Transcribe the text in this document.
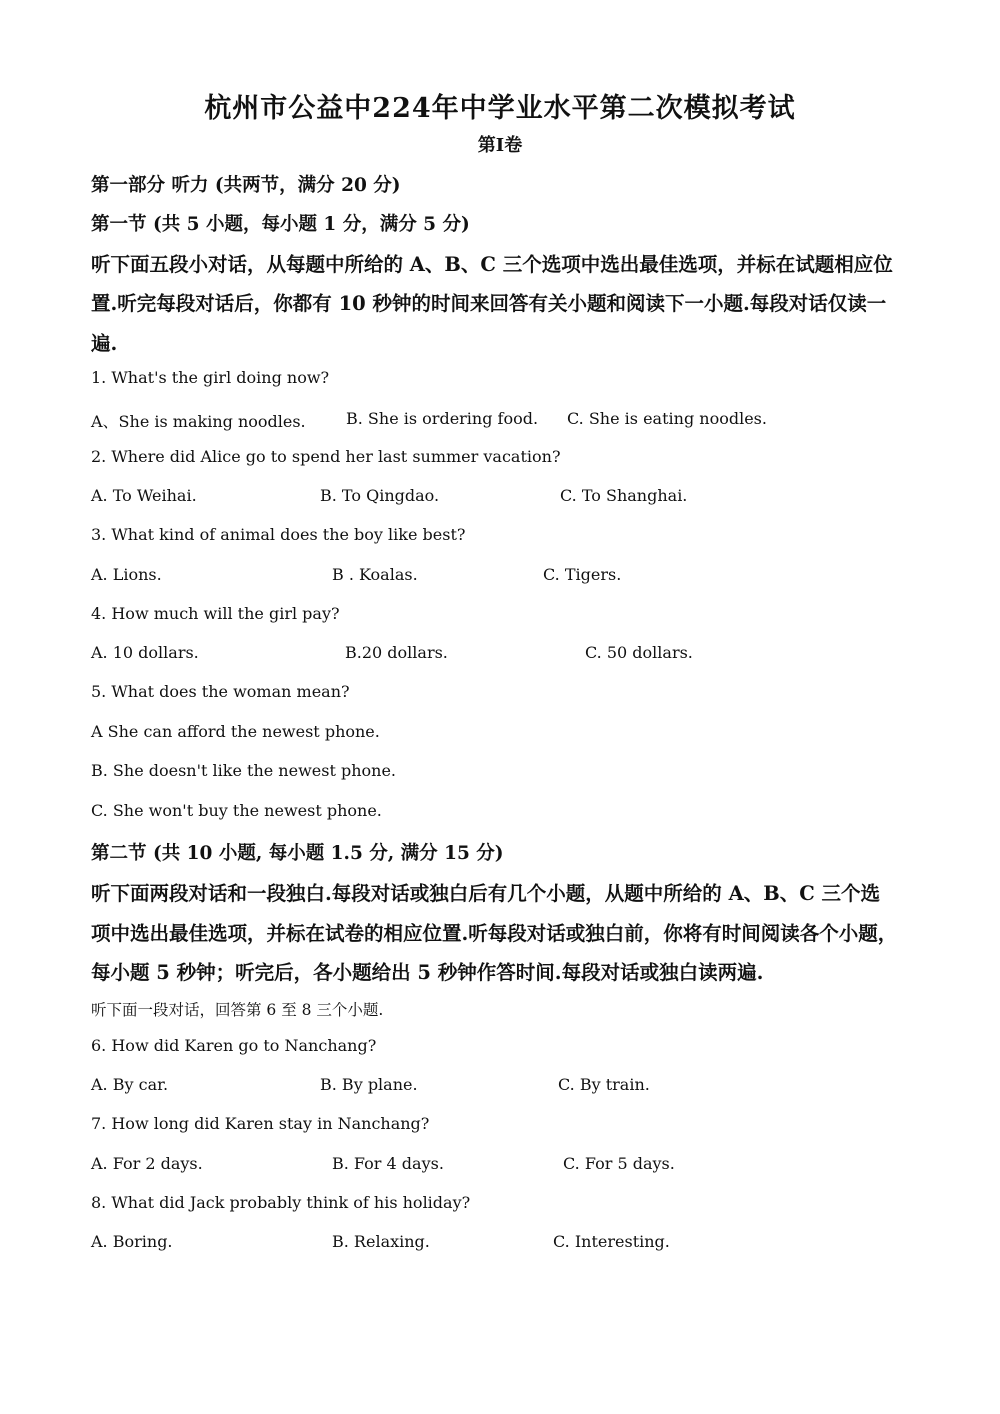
杭州市公益中224年中学业水平第二次模拟考试
第Ⅰ卷
第一部分 听力 (共两节，满分 20 分)
第一节 (共 5 小题，每小题 1 分，满分 5 分)
听下面五段小对话，从每题中所给的 A、B、C 三个选项中选出最佳选项，并标在试题相应位
置.听完每段对话后，你都有 10 秒钟的时间来回答有关小题和阅读下一小题.每段对话仅读一
遍.
1. What's the girl doing now?
A、She is making noodles.	B. She is ordering food. C. She is eating noodles.
2. Where did Alice go to spend her last summer vacation?
A. To Weihai.	B. To Qingdao.	C. To Shanghai.
3. What kind of animal does the boy like best?
A. Lions.	B . Koalas.	C. Tigers.
4. How much will the girl pay?
A. 10 dollars.	B.20 dollars.	C. 50 dollars.
5. What does the woman mean?
A She can afford the newest phone.
B. She doesn't like the newest phone.
C. She won't buy the newest phone.
第二节 (共 10 小题, 每小题 1.5 分, 满分 15 分)
听下面两段对话和一段独白.每段对话或独白后有几个小题，从题中所给的 A、B、C 三个选
项中选出最佳选项，并标在试卷的相应位置.听每段对话或独白前，你将有时间阅读各个小题，
每小题 5 秒钟；听完后，各小题给出 5 秒钟作答时间.每段对话或独白读两遍.
听下面一段对话，回答第 6 至 8 三个小题.
6. How did Karen go to Nanchang?
A. By car.	B. By plane.	C. By train.
7. How long did Karen stay in Nanchang?
A. For 2 days.	B. For 4 days.	C. For 5 days.
8. What did Jack probably think of his holiday?
A. Boring.	B. Relaxing.	C. Interesting.
